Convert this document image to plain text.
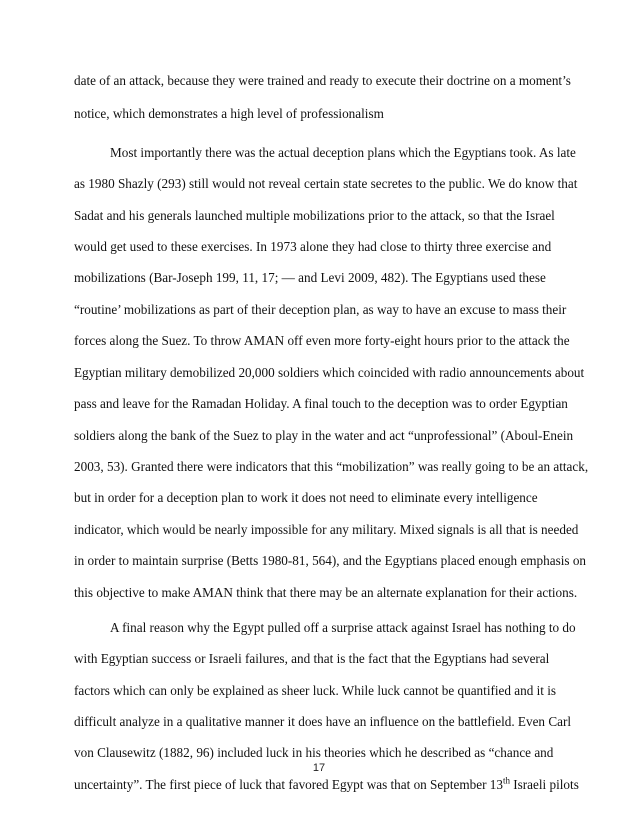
date of an attack, because they were trained and ready to execute their doctrine on a moment’s
notice, which demonstrates a high level of professionalism
Most importantly there was the actual deception plans which the Egyptians took. As late
as 1980 Shazly (293) still would not reveal certain state secretes to the public. We do know that
Sadat and his generals launched multiple mobilizations prior to the attack, so that the Israel
would get used to these exercises. In 1973 alone they had close to thirty three exercise and
mobilizations (Bar-Joseph 199, 11, 17; — and Levi 2009, 482). The Egyptians used these
“routine’ mobilizations as part of their deception plan, as way to have an excuse to mass their
forces along the Suez. To throw AMAN off even more forty-eight hours prior to the attack the
Egyptian military demobilized 20,000 soldiers which coincided with radio announcements about
pass and leave for the Ramadan Holiday. A final touch to the deception was to order Egyptian
soldiers along the bank of the Suez to play in the water and act “unprofessional” (Aboul-Enein
2003, 53). Granted there were indicators that this “mobilization” was really going to be an attack,
but in order for a deception plan to work it does not need to eliminate every intelligence
indicator, which would be nearly impossible for any military. Mixed signals is all that is needed
in order to maintain surprise (Betts 1980-81, 564), and the Egyptians placed enough emphasis on
this objective to make AMAN think that there may be an alternate explanation for their actions.
A final reason why the Egypt pulled off a surprise attack against Israel has nothing to do
with Egyptian success or Israeli failures, and that is the fact that the Egyptians had several
factors which can only be explained as sheer luck. While luck cannot be quantified and it is
difficult analyze in a qualitative manner it does have an influence on the battlefield. Even Carl
von Clausewitz (1882, 96) included luck in his theories which he described as “chance and
uncertainty”. The first piece of luck that favored Egypt was that on September 13th Israeli pilots
17
